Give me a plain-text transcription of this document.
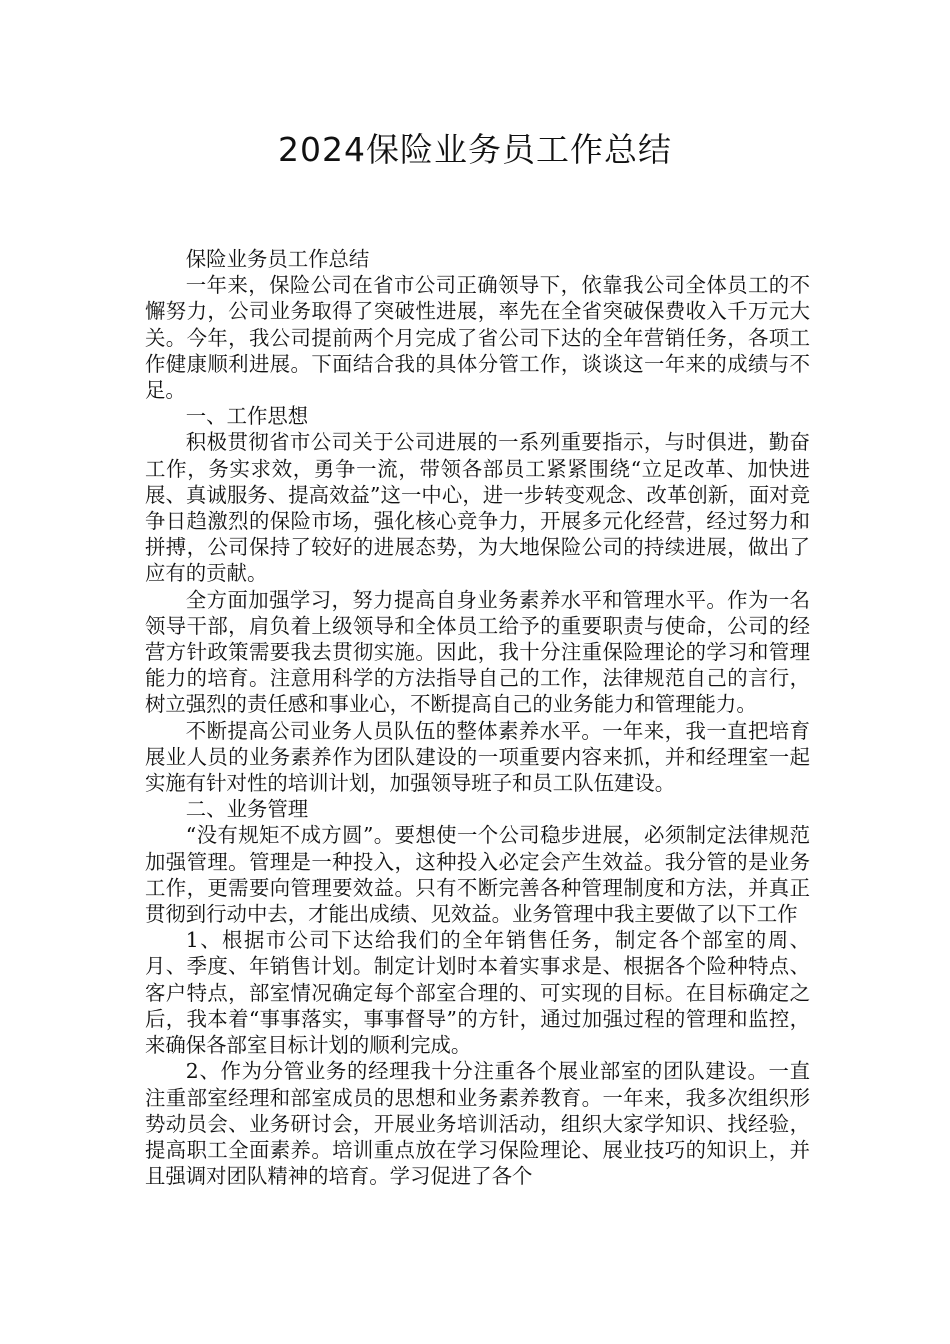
2024保险业务员工作总结

保险业务员工作总结

一年来，保险公司在省市公司正确领导下，依靠我公司全体员工的不懈努力，公司业务取得了突破性进展，率先在全省突破保费收入千万元大关。今年，我公司提前两个月完成了省公司下达的全年营销任务，各项工作健康顺利进展。下面结合我的具体分管工作，谈谈这一年来的成绩与不足。

一、工作思想

积极贯彻省市公司关于公司进展的一系列重要指示，与时俱进，勤奋工作，务实求效，勇争一流，带领各部员工紧紧围绕“立足改革、加快进展、真诚服务、提高效益”这一中心，进一步转变观念、改革创新，面对竞争日趋激烈的保险市场，强化核心竞争力，开展多元化经营，经过努力和拼搏，公司保持了较好的进展态势，为大地保险公司的持续进展，做出了应有的贡献。

全方面加强学习，努力提高自身业务素养水平和管理水平。作为一名领导干部，肩负着上级领导和全体员工给予的重要职责与使命，公司的经营方针政策需要我去贯彻实施。因此，我十分注重保险理论的学习和管理能力的培育。注意用科学的方法指导自己的工作，法律规范自己的言行，树立强烈的责任感和事业心，不断提高自己的业务能力和管理能力。

不断提高公司业务人员队伍的整体素养水平。一年来，我一直把培育展业人员的业务素养作为团队建设的一项重要内容来抓，并和经理室一起实施有针对性的培训计划，加强领导班子和员工队伍建设。

二、业务管理

“没有规矩不成方圆”。要想使一个公司稳步进展，必须制定法律规范加强管理。管理是一种投入，这种投入必定会产生效益。我分管的是业务工作，更需要向管理要效益。只有不断完善各种管理制度和方法，并真正贯彻到行动中去，才能出成绩、见效益。业务管理中我主要做了以下工作

1、根据市公司下达给我们的全年销售任务，制定各个部室的周、月、季度、年销售计划。制定计划时本着实事求是、根据各个险种特点、客户特点，部室情况确定每个部室合理的、可实现的目标。在目标确定之后，我本着“事事落实，事事督导”的方针，通过加强过程的管理和监控，来确保各部室目标计划的顺利完成。

2、作为分管业务的经理我十分注重各个展业部室的团队建设。一直注重部室经理和部室成员的思想和业务素养教育。一年来，我多次组织形势动员会、业务研讨会，开展业务培训活动，组织大家学知识、找经验，提高职工全面素养。培训重点放在学习保险理论、展业技巧的知识上，并且强调对团队精神的培育。学习促进了各个
